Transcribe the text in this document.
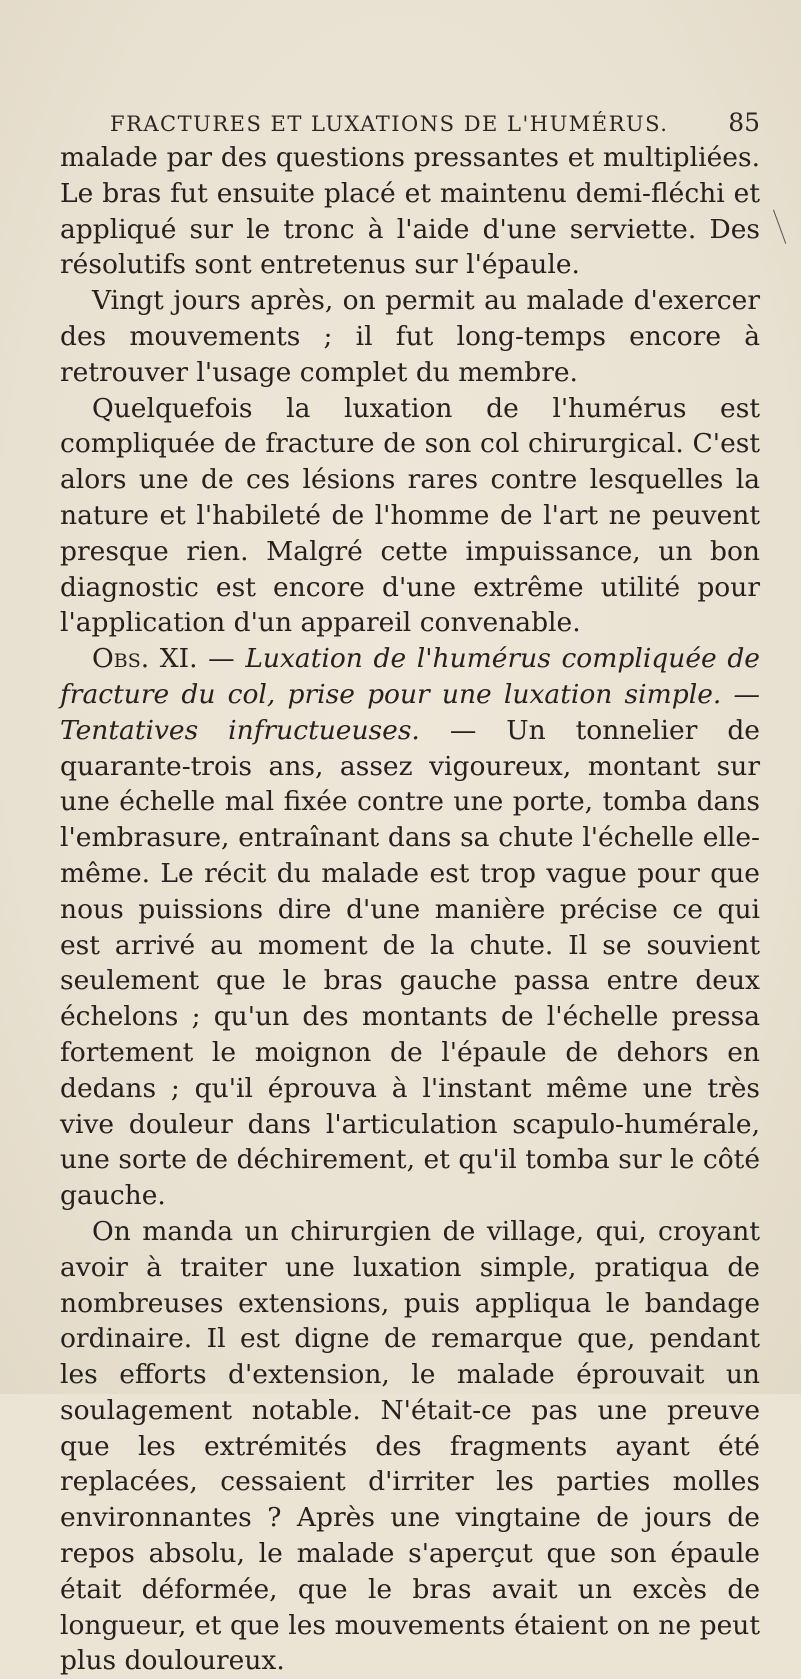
FRACTURES ET LUXATIONS DE L'HUMÉRUS. 85

malade par des questions pressantes et multipliées. Le bras fut ensuite placé et maintenu demi-fléchi et appliqué sur le tronc à l'aide d'une serviette. Des résolutifs sont entretenus sur l'épaule.

Vingt jours après, on permit au malade d'exercer des mouvements ; il fut long-temps encore à retrouver l'usage complet du membre.

Quelquefois la luxation de l'humérus est compliquée de fracture de son col chirurgical. C'est alors une de ces lésions rares contre lesquelles la nature et l'habileté de l'homme de l'art ne peuvent presque rien. Malgré cette impuissance, un bon diagnostic est encore d'une extrême utilité pour l'application d'un appareil convenable.

Obs. XI. — Luxation de l'humérus compliquée de fracture du col, prise pour une luxation simple. — Tentatives infructueuses. — Un tonnelier de quarante-trois ans, assez vigoureux, montant sur une échelle mal fixée contre une porte, tomba dans l'embrasure, entraînant dans sa chute l'échelle elle-même. Le récit du malade est trop vague pour que nous puissions dire d'une manière précise ce qui est arrivé au moment de la chute. Il se souvient seulement que le bras gauche passa entre deux échelons ; qu'un des montants de l'échelle pressa fortement le moignon de l'épaule de dehors en dedans ; qu'il éprouva à l'instant même une très vive douleur dans l'articulation scapulo-humérale, une sorte de déchirement, et qu'il tomba sur le côté gauche.

On manda un chirurgien de village, qui, croyant avoir à traiter une luxation simple, pratiqua de nombreuses extensions, puis appliqua le bandage ordinaire. Il est digne de remarque que, pendant les efforts d'extension, le malade éprouvait un soulagement notable. N'était-ce pas une preuve que les extrémités des fragments ayant été replacées, cessaient d'irriter les parties molles environnantes ? Après une vingtaine de jours de repos absolu, le malade s'aperçut que son épaule était déformée, que le bras avait un excès de longueur, et que les mouvements étaient on ne peut plus douloureux.
